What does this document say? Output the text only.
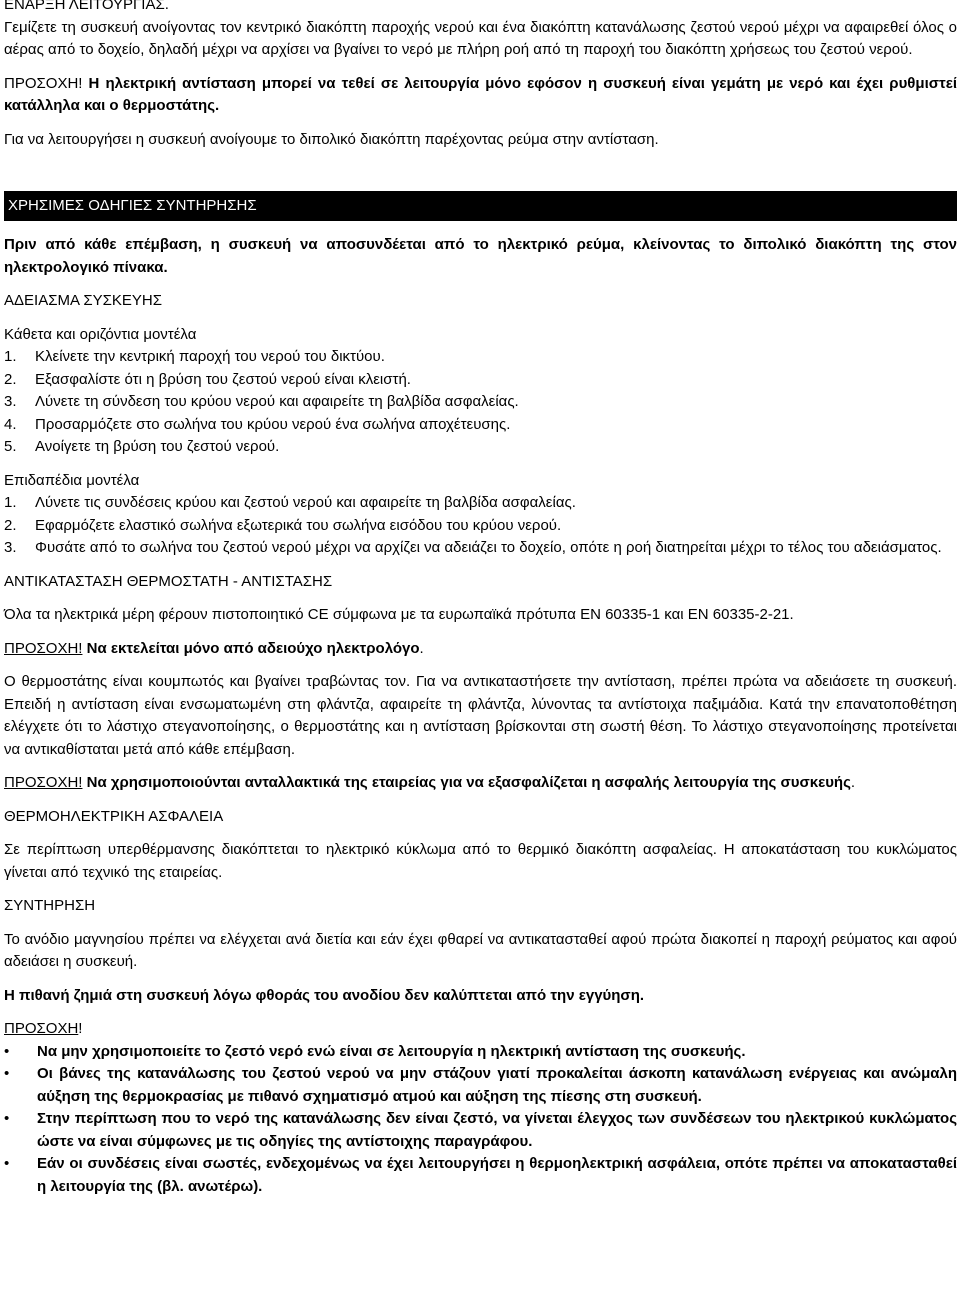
ΕΝΑΡΞΗ ΛΕΙΤΟΥΡΓΙΑΣ.

Γεμίζετε τη συσκευή ανοίγοντας τον κεντρικό διακόπτη παροχής νερού και ένα διακόπτη κατανάλωσης ζεστού νερού μέχρι να αφαιρεθεί όλος ο αέρας από το δοχείο, δηλαδή μέχρι να αρχίσει να βγαίνει το νερό με πλήρη ροή από τη παροχή του διακόπτη χρήσεως του ζεστού νερού.

ΠΡΟΣΟΧΗ! Η ηλεκτρική αντίσταση μπορεί να τεθεί σε λειτουργία μόνο εφόσον η συσκευή είναι γεμάτη με νερό και έχει ρυθμιστεί κατάλληλα και ο θερμοστάτης.

Για να λειτουργήσει η συσκευή ανοίγουμε το διπολικό διακόπτη παρέχοντας ρεύμα στην αντίσταση.

ΧΡΗΣΙΜΕΣ ΟΔΗΓΙΕΣ ΣΥΝΤΗΡΗΣΗΣ

Πριν από κάθε επέμβαση, η συσκευή να αποσυνδέεται από το ηλεκτρικό ρεύμα, κλείνοντας το διπολικό διακόπτη της στον ηλεκτρολογικό πίνακα.

ΑΔΕΙΑΣΜΑ ΣΥΣΚΕΥΗΣ

Κάθετα και οριζόντια μοντέλα

1. Κλείνετε την κεντρική παροχή του νερού του δικτύου.
2. Εξασφαλίστε ότι η βρύση του ζεστού νερού είναι κλειστή.
3. Λύνετε τη σύνδεση του κρύου νερού και αφαιρείτε τη βαλβίδα ασφαλείας.
4. Προσαρμόζετε στο σωλήνα του κρύου νερού ένα σωλήνα αποχέτευσης.
5. Ανοίγετε τη βρύση του ζεστού νερού.

Επιδαπέδια μοντέλα

1. Λύνετε τις συνδέσεις κρύου και ζεστού νερού και αφαιρείτε τη βαλβίδα ασφαλείας.
2. Εφαρμόζετε ελαστικό σωλήνα εξωτερικά του σωλήνα εισόδου του κρύου νερού.
3. Φυσάτε από το σωλήνα του ζεστού νερού μέχρι να αρχίζει να αδειάζει το δοχείο, οπότε η ροή διατηρείται μέχρι το τέλος του αδειάσματος.

ΑΝΤΙΚΑΤΑΣΤΑΣΗ ΘΕΡΜΟΣΤΑΤΗ - ΑΝΤΙΣΤΑΣΗΣ

Όλα τα ηλεκτρικά μέρη φέρουν πιστοποιητικό CE σύμφωνα με τα ευρωπαϊκά πρότυπα EN 60335-1 και EN 60335-2-21.

ΠΡΟΣΟΧΗ! Να εκτελείται μόνο από αδειούχο ηλεκτρολόγο.

Ο θερμοστάτης είναι κουμπωτός και βγαίνει τραβώντας τον. Για να αντικαταστήσετε την αντίσταση, πρέπει πρώτα να αδειάσετε τη συσκευή. Επειδή η αντίσταση είναι ενσωματωμένη στη φλάντζα, αφαιρείτε τη φλάντζα, λύνοντας τα αντίστοιχα παξιμάδια. Κατά την επανατοποθέτηση ελέγχετε ότι το λάστιχο στεγανοποίησης, ο θερμοστάτης και η αντίσταση βρίσκονται στη σωστή θέση. Το λάστιχο στεγανοποίησης προτείνεται να αντικαθίσταται μετά από κάθε επέμβαση.

ΠΡΟΣΟΧΗ! Να χρησιμοποιούνται ανταλλακτικά της εταιρείας για να εξασφαλίζεται η ασφαλής λειτουργία της συσκευής.

ΘΕΡΜΟΗΛΕΚΤΡΙΚΗ ΑΣΦΑΛΕΙΑ

Σε περίπτωση υπερθέρμανσης διακόπτεται το ηλεκτρικό κύκλωμα από το θερμικό διακόπτη ασφαλείας. Η αποκατάσταση του κυκλώματος γίνεται από τεχνικό της εταιρείας.

ΣΥΝΤΗΡΗΣΗ

Το ανόδιο μαγνησίου πρέπει να ελέγχεται ανά διετία και εάν έχει φθαρεί να αντικατασταθεί αφού πρώτα διακοπεί η παροχή ρεύματος και αφού αδειάσει η συσκευή.

Η πιθανή ζημιά στη συσκευή λόγω φθοράς του ανοδίου δεν καλύπτεται από την εγγύηση.

ΠΡΟΣΟΧΗ!

• Να μην χρησιμοποιείτε το ζεστό νερό ενώ είναι σε λειτουργία η ηλεκτρική αντίσταση της συσκευής.
• Οι βάνες της κατανάλωσης του ζεστού νερού να μην στάζουν γιατί προκαλείται άσκοπη κατανάλωση ενέργειας και ανώμαλη αύξηση της θερμοκρασίας με πιθανό σχηματισμό ατμού και αύξηση της πίεσης στη συσκευή.
• Στην περίπτωση που το νερό της κατανάλωσης δεν είναι ζεστό, να γίνεται έλεγχος των συνδέσεων του ηλεκτρικού κυκλώματος ώστε να είναι σύμφωνες με τις οδηγίες της αντίστοιχης παραγράφου.
• Εάν οι συνδέσεις είναι σωστές, ενδεχομένως να έχει λειτουργήσει η θερμοηλεκτρική ασφάλεια, οπότε πρέπει να αποκατασταθεί η λειτουργία της (βλ. ανωτέρω).
